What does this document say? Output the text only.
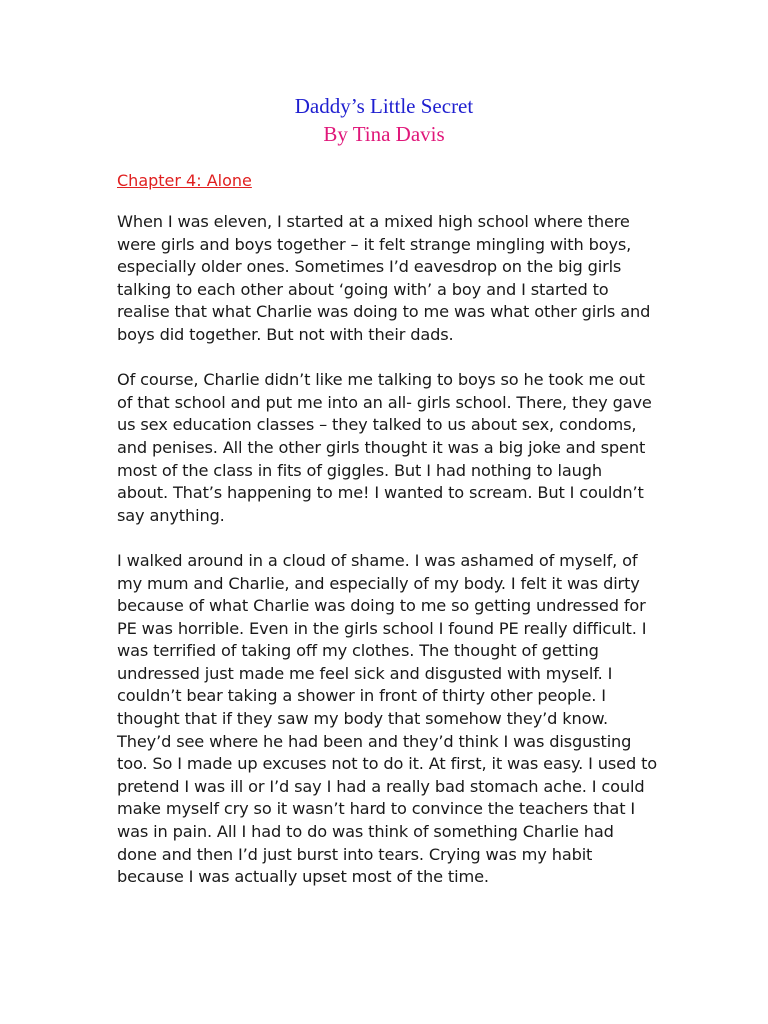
Daddy’s Little Secret
By Tina Davis
Chapter 4: Alone

When I was eleven, I started at a mixed high school where there were girls and boys together – it felt strange mingling with boys, especially older ones. Sometimes I’d eavesdrop on the big girls talking to each other about ‘going with’ a boy and I started to realise that what Charlie was doing to me was what other girls and boys did together. But not with their dads.

Of course, Charlie didn’t like me talking to boys so he took me out of that school and put me into an all- girls school. There, they gave us sex education classes – they talked to us about sex, condoms, and penises. All the other girls thought it was a big joke and spent most of the class in fits of giggles. But I had nothing to laugh about. That’s happening to me! I wanted to scream. But I couldn’t say anything.

I walked around in a cloud of shame. I was ashamed of myself, of my mum and Charlie, and especially of my body. I felt it was dirty because of what Charlie was doing to me so getting undressed for PE was horrible. Even in the girls school I found PE really difficult. I was terrified of taking off my clothes. The thought of getting undressed just made me feel sick and disgusted with myself. I couldn’t bear taking a shower in front of thirty other people. I thought that if they saw my body that somehow they’d know. They’d see where he had been and they’d think I was disgusting too. So I made up excuses not to do it. At first, it was easy. I used to pretend I was ill or I’d say I had a really bad stomach ache. I could make myself cry so it wasn’t hard to convince the teachers that I was in pain. All I had to do was think of something Charlie had done and then I’d just burst into tears. Crying was my habit because I was actually upset most of the time.
